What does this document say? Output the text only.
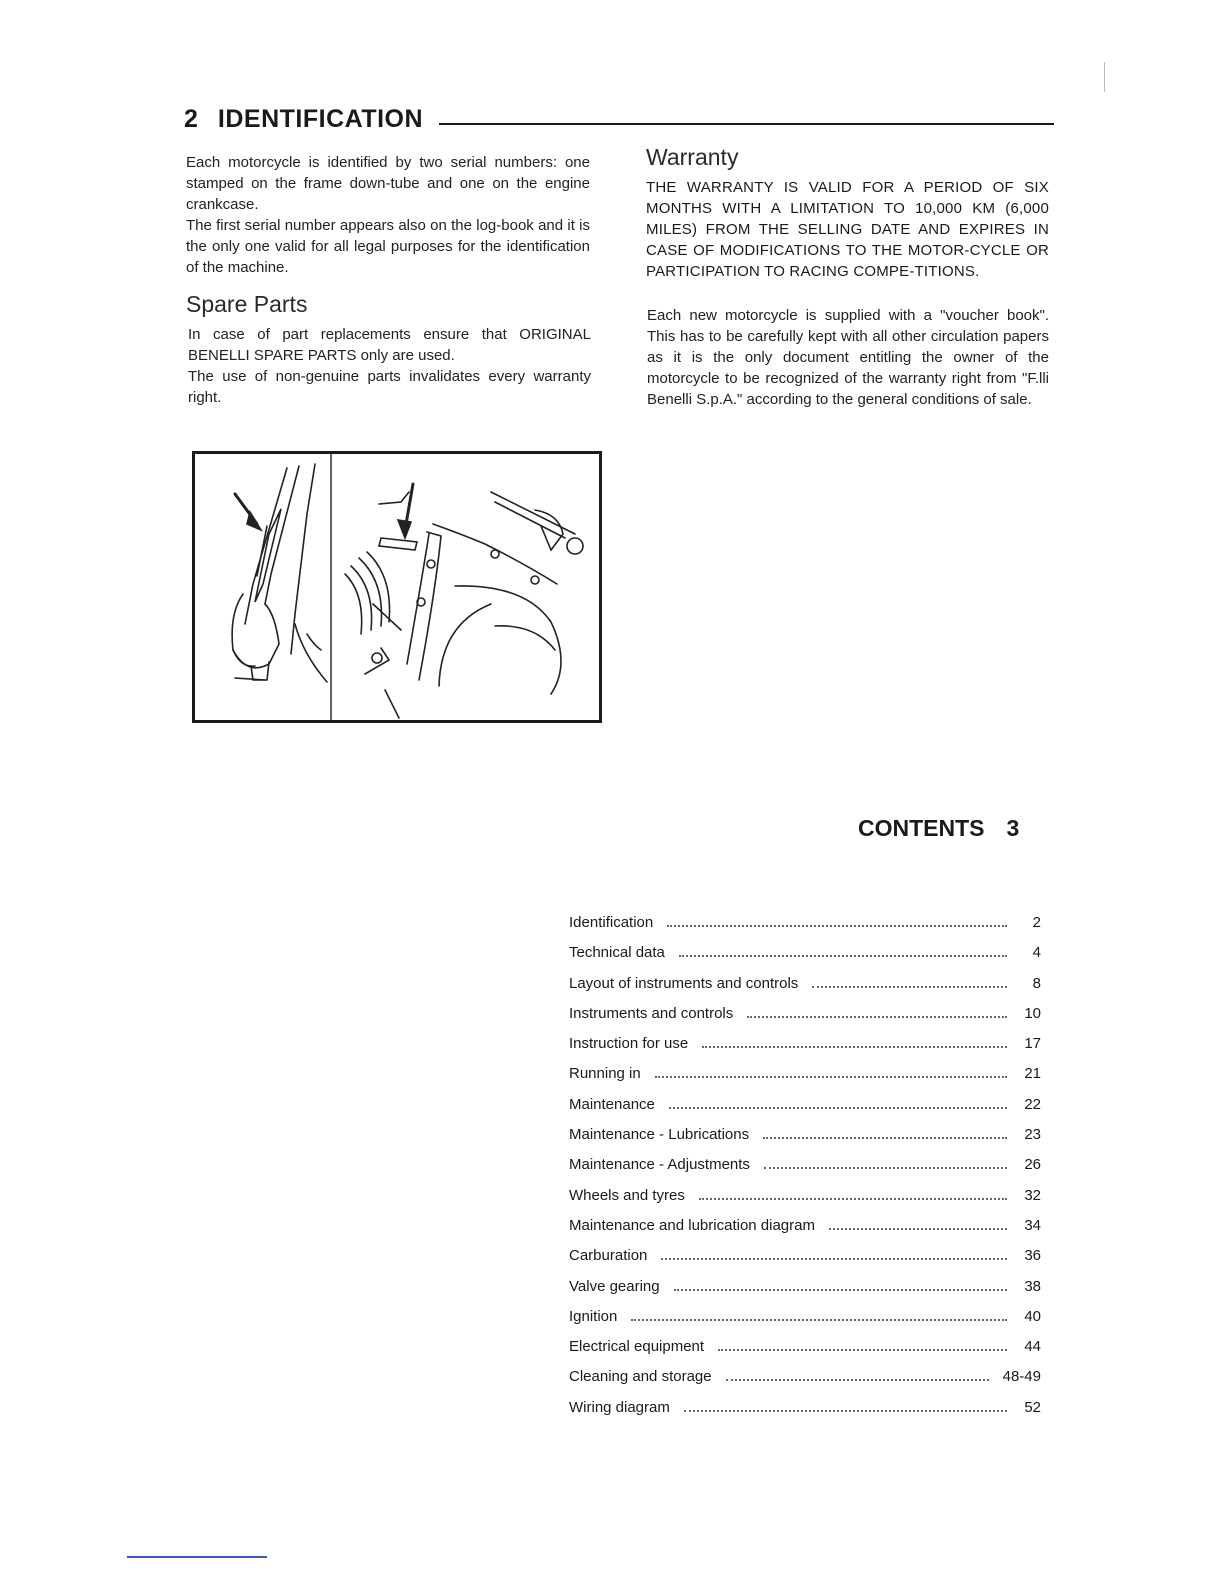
2 IDENTIFICATION

Each motorcycle is identified by two serial numbers: one stamped on the frame down-tube and one on the engine crankcase.

The first serial number appears also on the log-book and it is the only one valid for all legal purposes for the identification of the machine.

Spare Parts

In case of part replacements ensure that ORIGINAL BENELLI SPARE PARTS only are used.

The use of non-genuine parts invalidates every warranty right.

Warranty
THE WARRANTY IS VALID FOR A PERIOD OF SIX MONTHS WITH A LIMITATION TO 10,000 KM (6,000 MILES) FROM THE SELLING DATE AND EXPIRES IN CASE OF MODIFICATIONS TO THE MOTOR-CYCLE OR PARTICIPATION TO RACING COMPE-TITIONS.
Each new motorcycle is supplied with a "voucher book". This has to be carefully kept with all other circulation papers as it is the only document entitling the owner of the motorcycle to be recognized of the warranty right from "F.lli Benelli S.p.A." according to the general conditions of sale.
CONTENTS 3
Identification	2
Technical data	4
Layout of instruments and controls	8
Instruments and controls	10
Instruction for use	17
Running in	21
Maintenance	22
Maintenance - Lubrications	23
Maintenance - Adjustments	26
Wheels and tyres	32
Maintenance and lubrication diagram	34
Carburation	36
Valve gearing	38
Ignition	40
Electrical equipment	44
Cleaning and storage	48-49
Wiring diagram	52
